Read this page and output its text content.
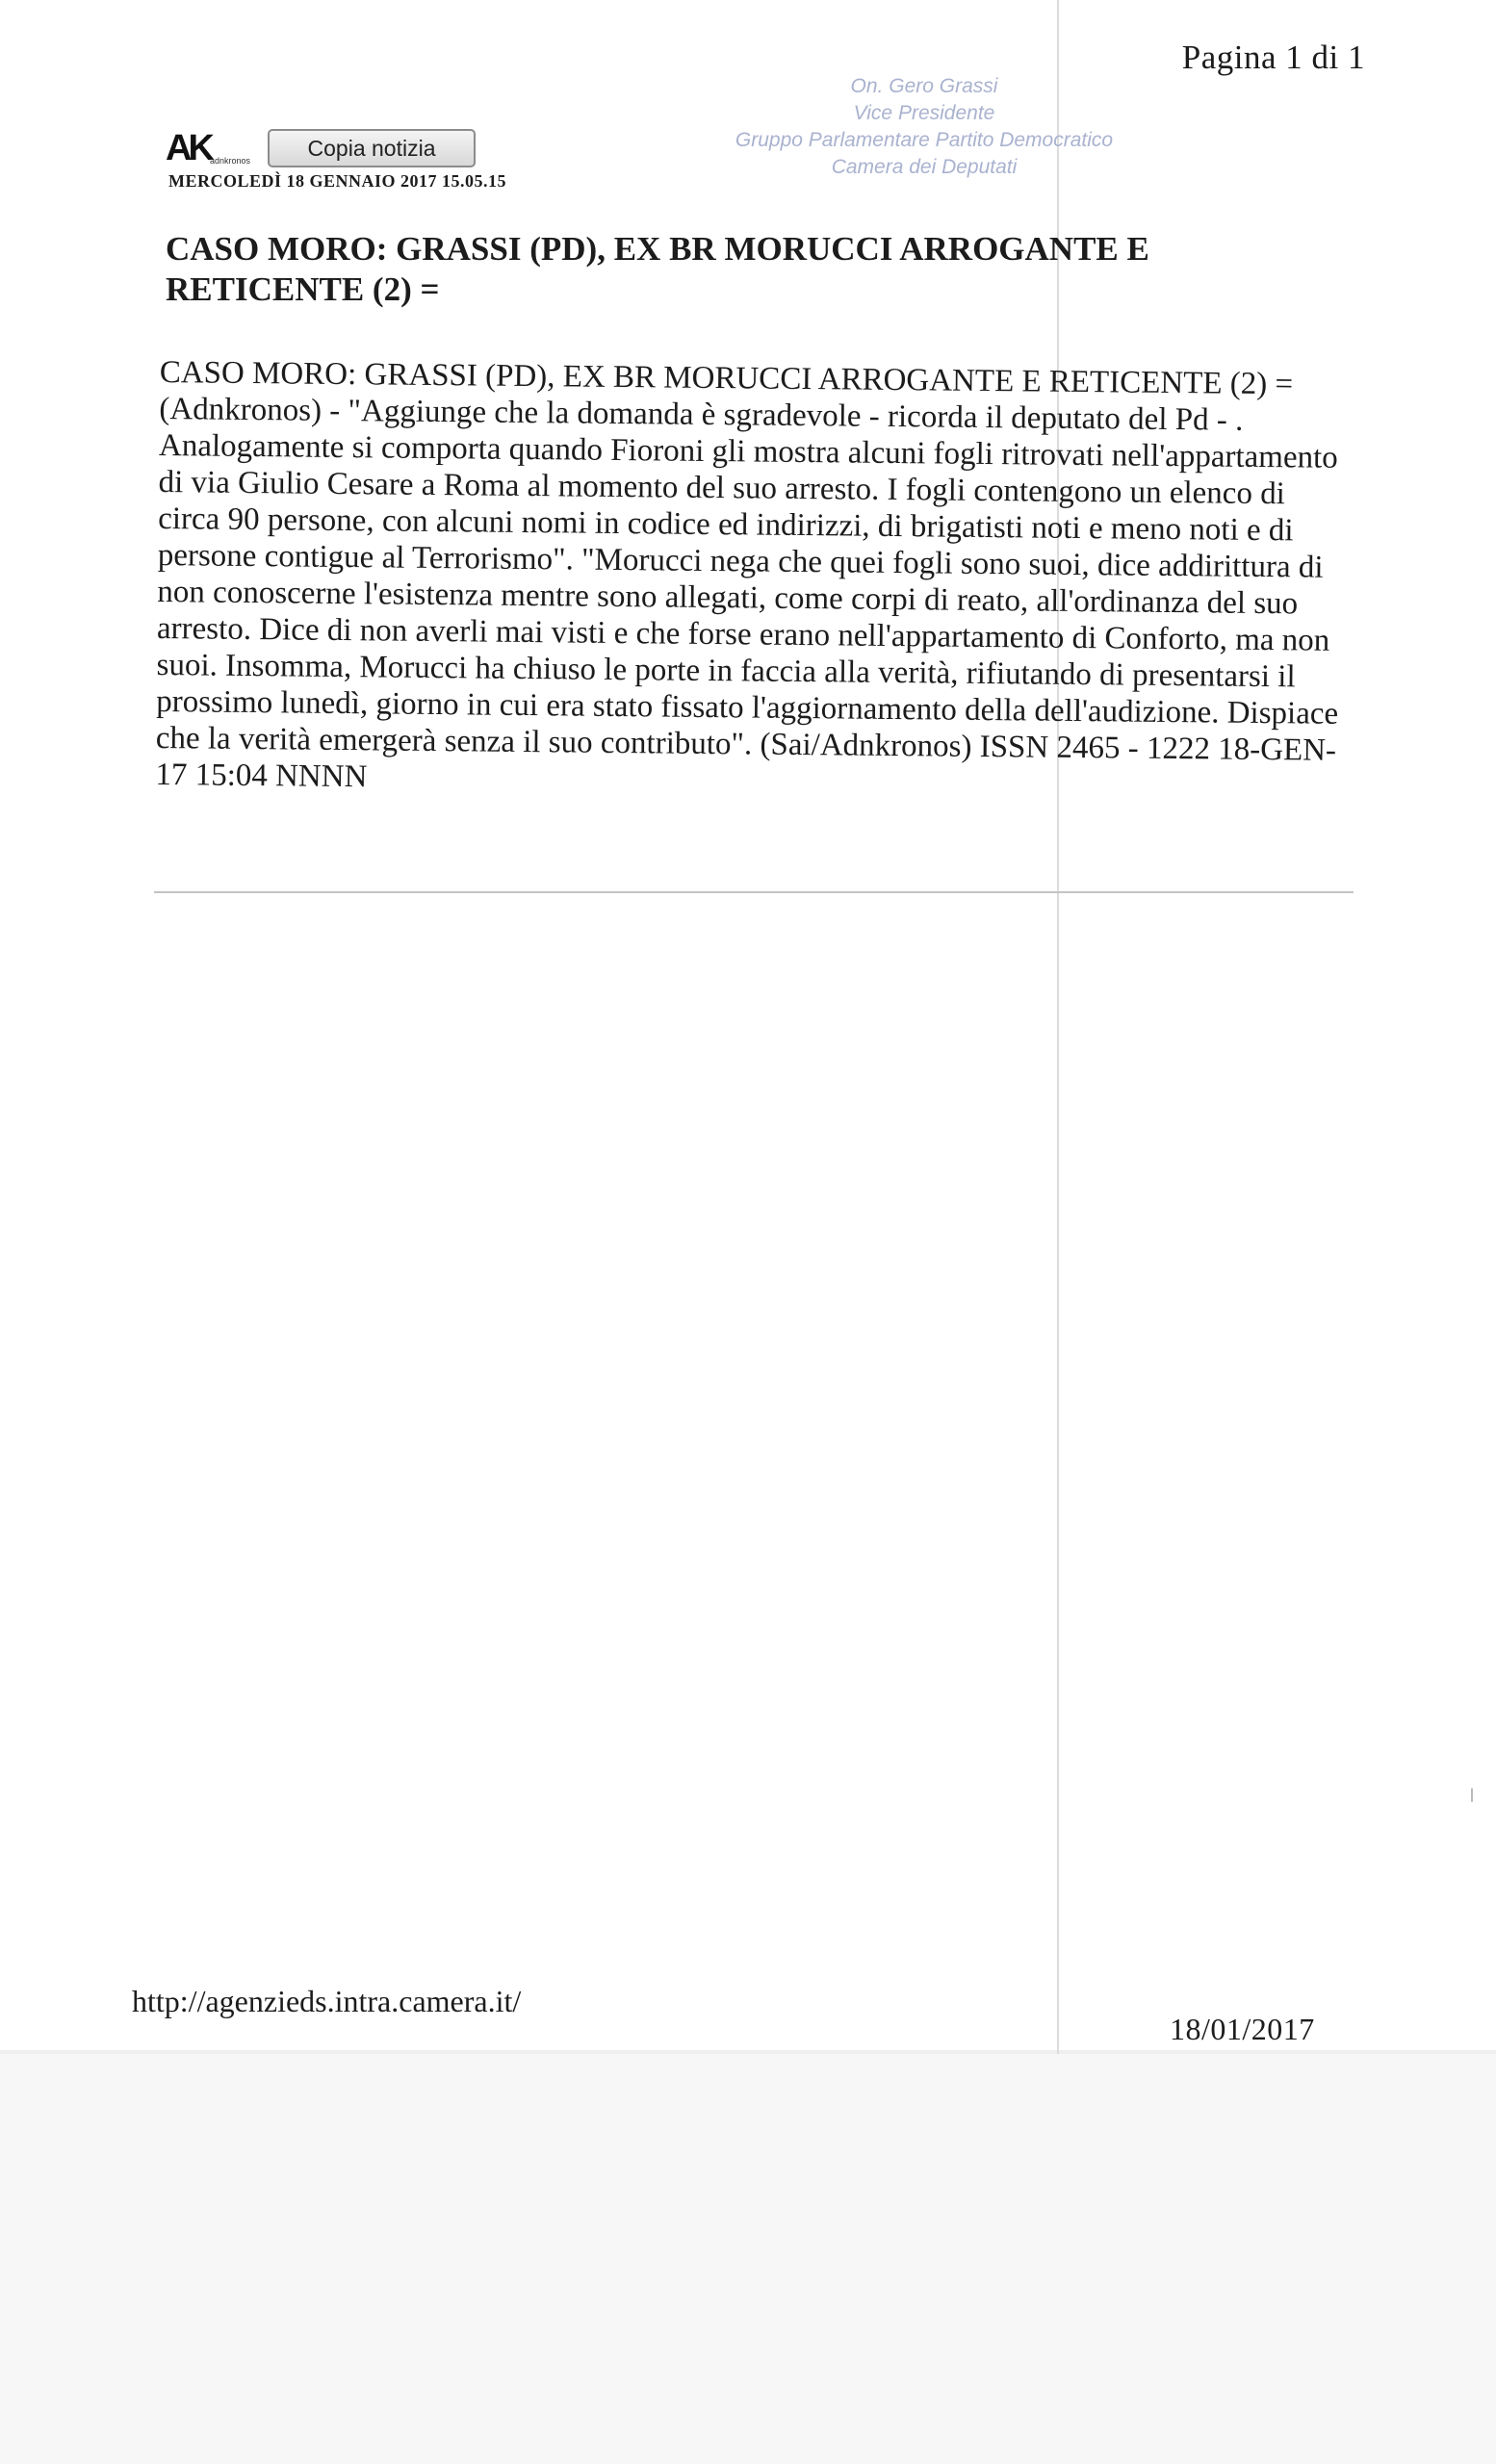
Pagina 1 di 1
On. Gero Grassi
Vice Presidente
Gruppo Parlamentare Partito Democratico
Camera dei Deputati
AK adnkronos
Copia notizia
MERCOLEDÌ 18 GENNAIO 2017 15.05.15
CASO MORO: GRASSI (PD), EX BR MORUCCI ARROGANTE E RETICENTE (2) =

CASO MORO: GRASSI (PD), EX BR MORUCCI ARROGANTE E RETICENTE (2) = (Adnkronos) - "Aggiunge che la domanda è sgradevole - ricorda il deputato del Pd - . Analogamente si comporta quando Fioroni gli mostra alcuni fogli ritrovati nell'appartamento di via Giulio Cesare a Roma al momento del suo arresto. I fogli contengono un elenco di circa 90 persone, con alcuni nomi in codice ed indirizzi, di brigatisti noti e meno noti e di persone contigue al Terrorismo". "Morucci nega che quei fogli sono suoi, dice addirittura di non conoscerne l'esistenza mentre sono allegati, come corpi di reato, all'ordinanza del suo arresto. Dice di non averli mai visti e che forse erano nell'appartamento di Conforto, ma non suoi. Insomma, Morucci ha chiuso le porte in faccia alla verità, rifiutando di presentarsi il prossimo lunedì, giorno in cui era stato fissato l'aggiornamento della dell'audizione. Dispiace che la verità emergerà senza il suo contributo". (Sai/Adnkronos) ISSN 2465 - 1222 18-GEN-17 15:04 NNNN

http://agenzieds.intra.camera.it/
18/01/2017
